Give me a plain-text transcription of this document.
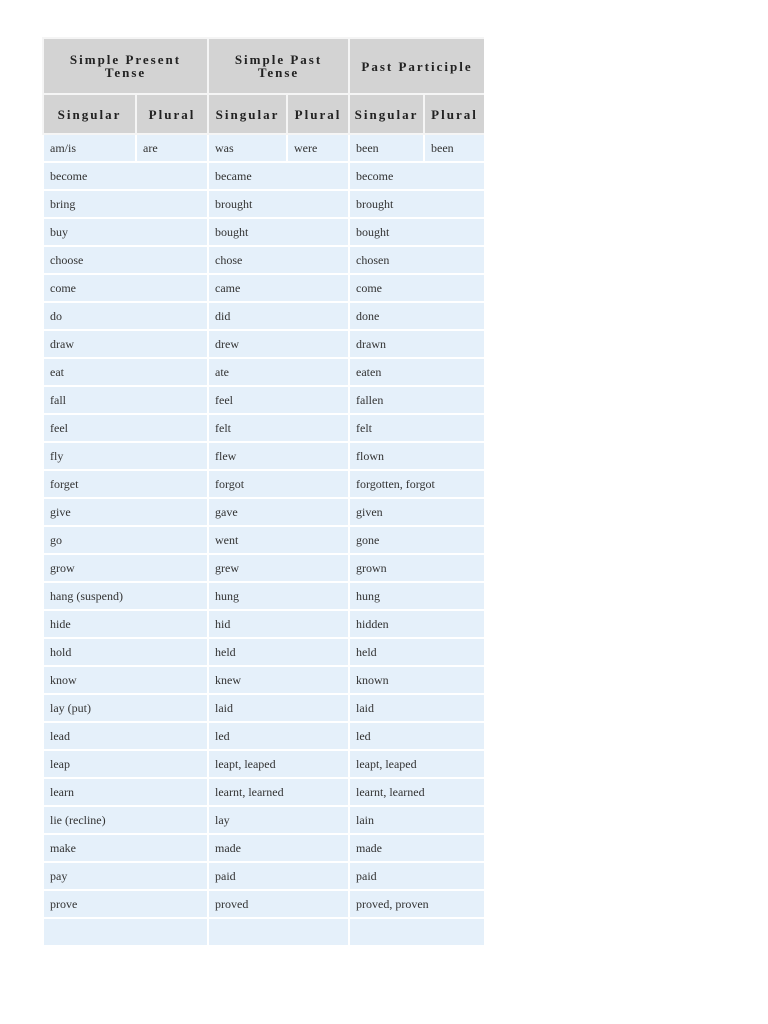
Simple Present Tense		Simple Past Tense		Past Participle	
Singular	Plural	Singular	Plural	Singular	Plural
am/is	are	was	were	been	been
become		became		become	
bring		brought		brought	
buy		bought		bought	
choose		chose		chosen	
come		came		come	
do		did		done	
draw		drew		drawn	
eat		ate		eaten	
fall		feel		fallen	
feel		felt		felt	
fly		flew		flown	
forget		forgot		forgotten, forgot	
give		gave		given	
go		went		gone	
grow		grew		grown	
hang (suspend)		hung		hung	
hide		hid		hidden	
hold		held		held	
know		knew		known	
lay (put)		laid		laid	
lead		led		led	
leap		leapt, leaped		leapt, leaped	
learn		learnt, learned		learnt, learned	
lie (recline)		lay		lain	
make		made		made	
pay		paid		paid	
prove		proved		proved, proven	
